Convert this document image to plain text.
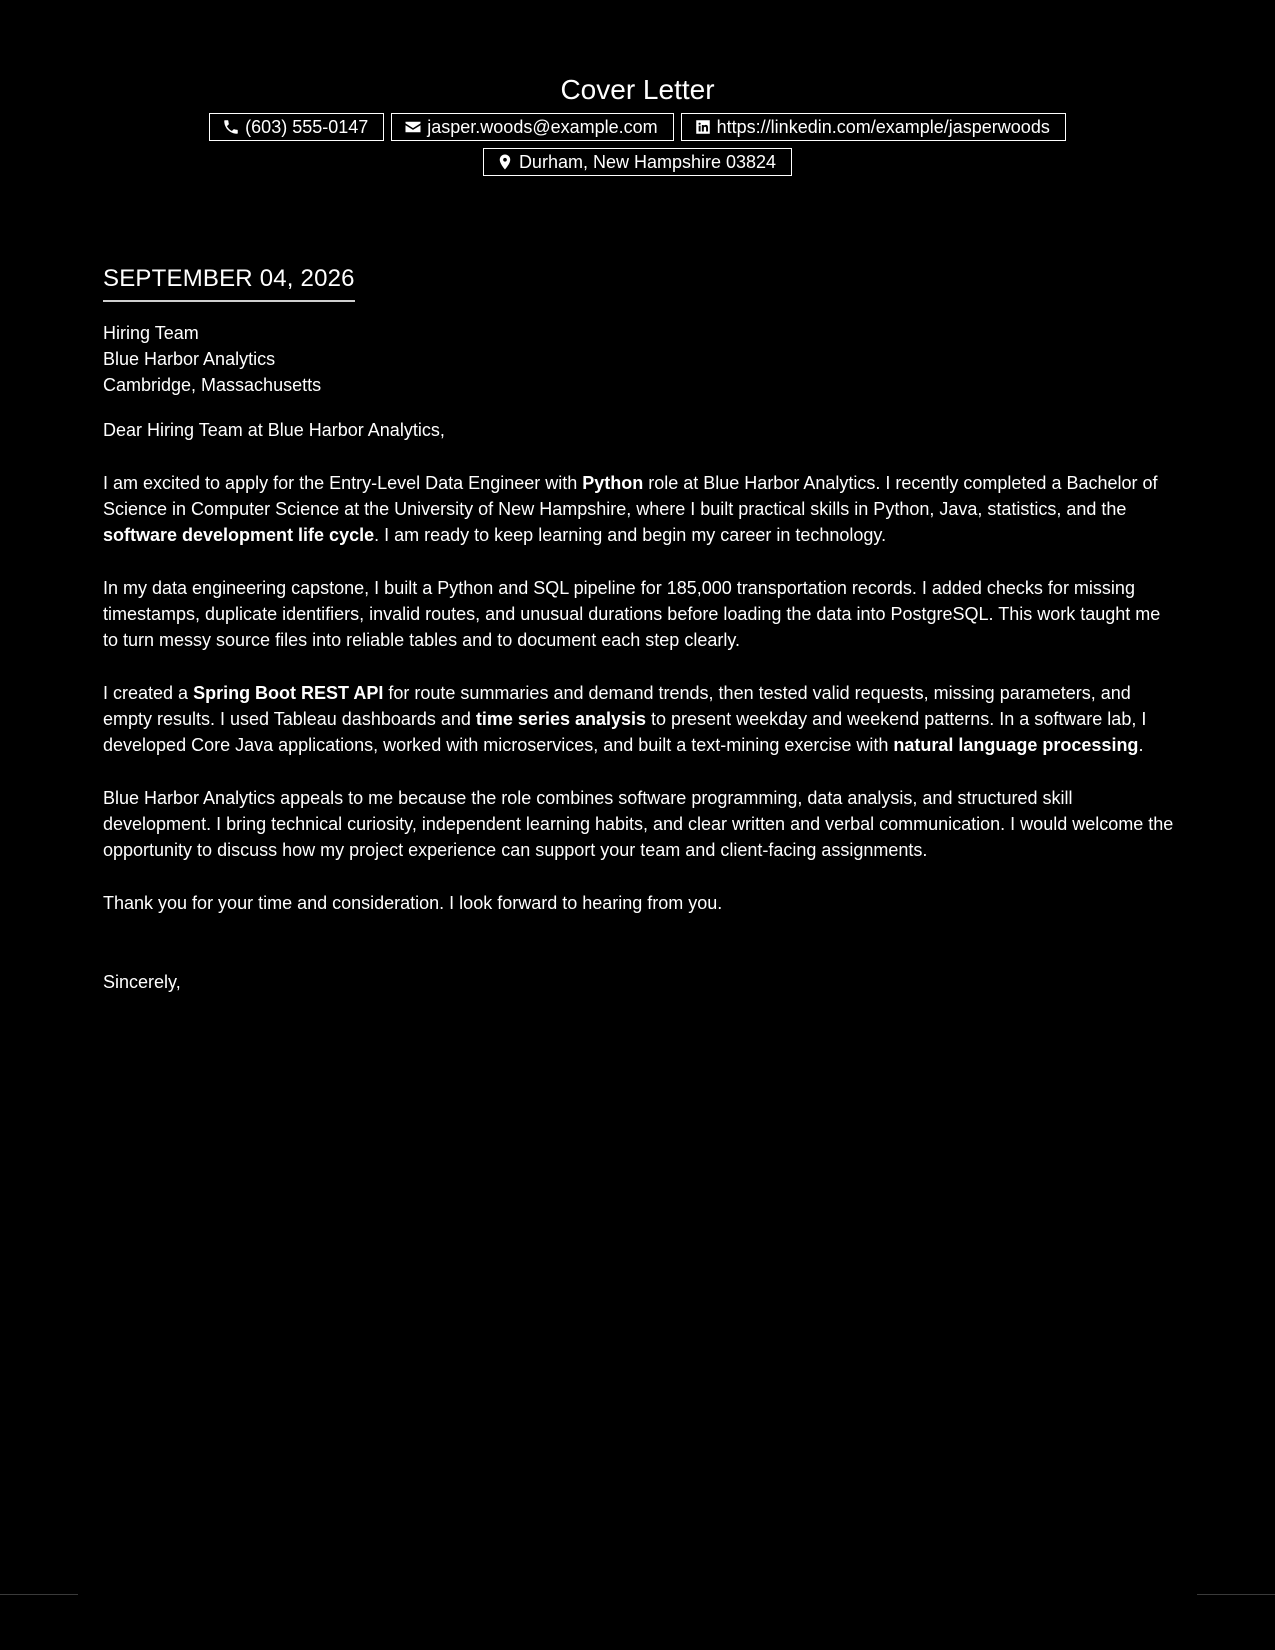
Cover Letter
(603) 555-0147	jasper.woods@example.com	https://linkedin.com/example/jasperwoods
Durham, New Hampshire 03824
SEPTEMBER 04, 2026
Hiring Team
Blue Harbor Analytics
Cambridge, Massachusetts
Dear Hiring Team at Blue Harbor Analytics,
I am excited to apply for the Entry-Level Data Engineer with Python role at Blue Harbor Analytics. I recently completed a Bachelor of Science in Computer Science at the University of New Hampshire, where I built practical skills in Python, Java, statistics, and the software development life cycle. I am ready to keep learning and begin my career in technology.
In my data engineering capstone, I built a Python and SQL pipeline for 185,000 transportation records. I added checks for missing timestamps, duplicate identifiers, invalid routes, and unusual durations before loading the data into PostgreSQL. This work taught me to turn messy source files into reliable tables and to document each step clearly.
I created a Spring Boot REST API for route summaries and demand trends, then tested valid requests, missing parameters, and empty results. I used Tableau dashboards and time series analysis to present weekday and weekend patterns. In a software lab, I developed Core Java applications, worked with microservices, and built a text-mining exercise with natural language processing.
Blue Harbor Analytics appeals to me because the role combines software programming, data analysis, and structured skill development. I bring technical curiosity, independent learning habits, and clear written and verbal communication. I would welcome the opportunity to discuss how my project experience can support your team and client-facing assignments.
Thank you for your time and consideration. I look forward to hearing from you.
Sincerely,
